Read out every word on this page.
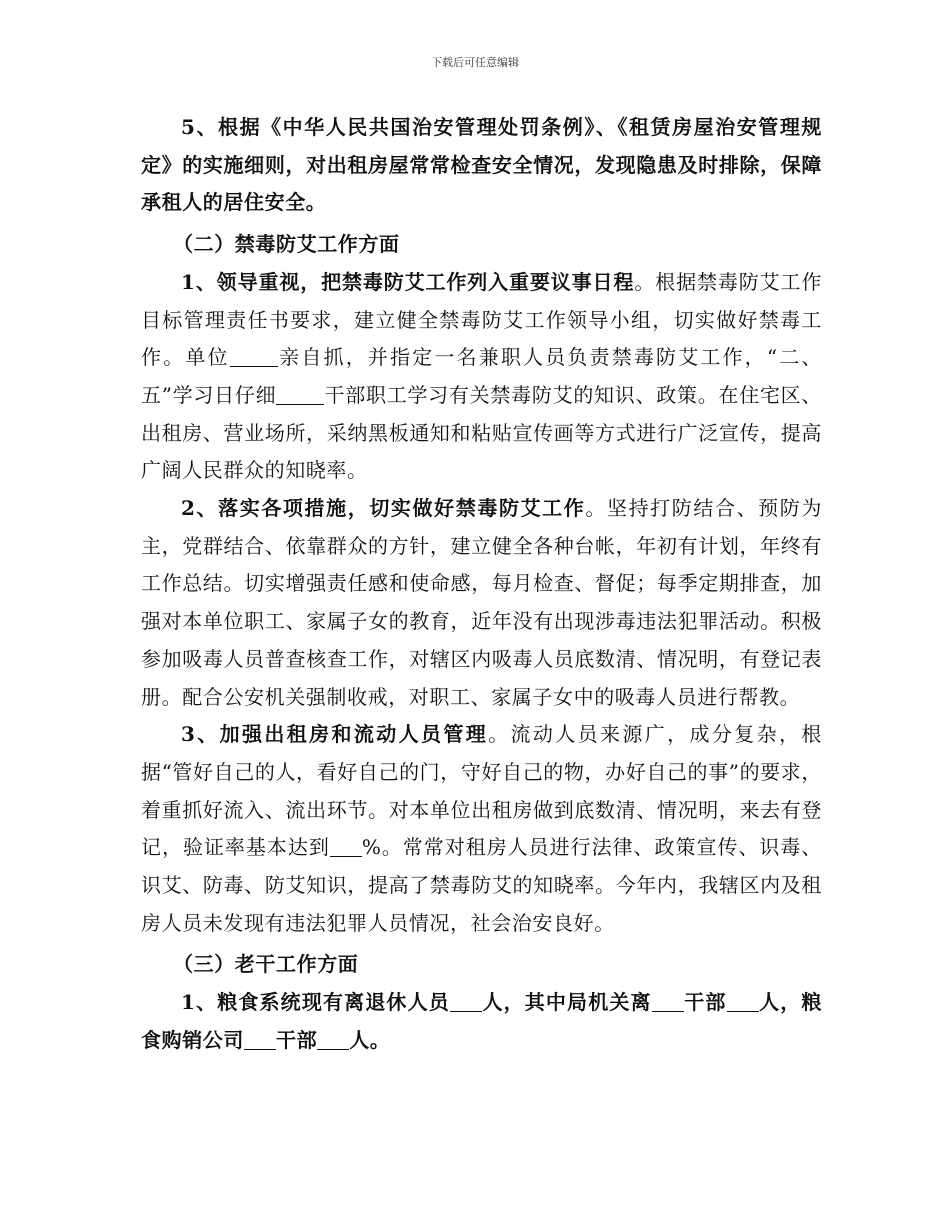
下载后可任意编辑

5、根据《中华人民共国治安管理处罚条例》、《租赁房屋治安管理规定》的实施细则，对出租房屋常常检查安全情况，发现隐患及时排除，保障承租人的居住安全。

（二）禁毒防艾工作方面

1、领导重视，把禁毒防艾工作列入重要议事日程。根据禁毒防艾工作目标管理责任书要求，建立健全禁毒防艾工作领导小组，切实做好禁毒工作。单位 亲自抓，并指定一名兼职人员负责禁毒防艾工作，“二、五”学习日仔细 干部职工学习有关禁毒防艾的知识、政策。在住宅区、出租房、营业场所，采纳黑板通知和粘贴宣传画等方式进行广泛宣传，提高广阔人民群众的知晓率。

2、落实各项措施，切实做好禁毒防艾工作。坚持打防结合、预防为主，党群结合、依靠群众的方针，建立健全各种台帐，年初有计划，年终有工作总结。切实增强责任感和使命感，每月检查、督促；每季定期排查，加强对本单位职工、家属子女的教育，近年没有出现涉毒违法犯罪活动。积极参加吸毒人员普查核查工作，对辖区内吸毒人员底数清、情况明，有登记表册。配合公安机关强制收戒，对职工、家属子女中的吸毒人员进行帮教。

3、加强出租房和流动人员管理。流动人员来源广，成分复杂，根据“管好自己的人，看好自己的门，守好自己的物，办好自己的事”的要求，着重抓好流入、流出环节。对本单位出租房做到底数清、情况明，来去有登记，验证率基本达到 %。常常对租房人员进行法律、政策宣传、识毒、识艾、防毒、防艾知识，提高了禁毒防艾的知晓率。今年内，我辖区内及租房人员未发现有违法犯罪人员情况，社会治安良好。

（三）老干工作方面

1、粮食系统现有离退休人员 人，其中局机关离 干部 人，粮食购销公司 干部 人。
